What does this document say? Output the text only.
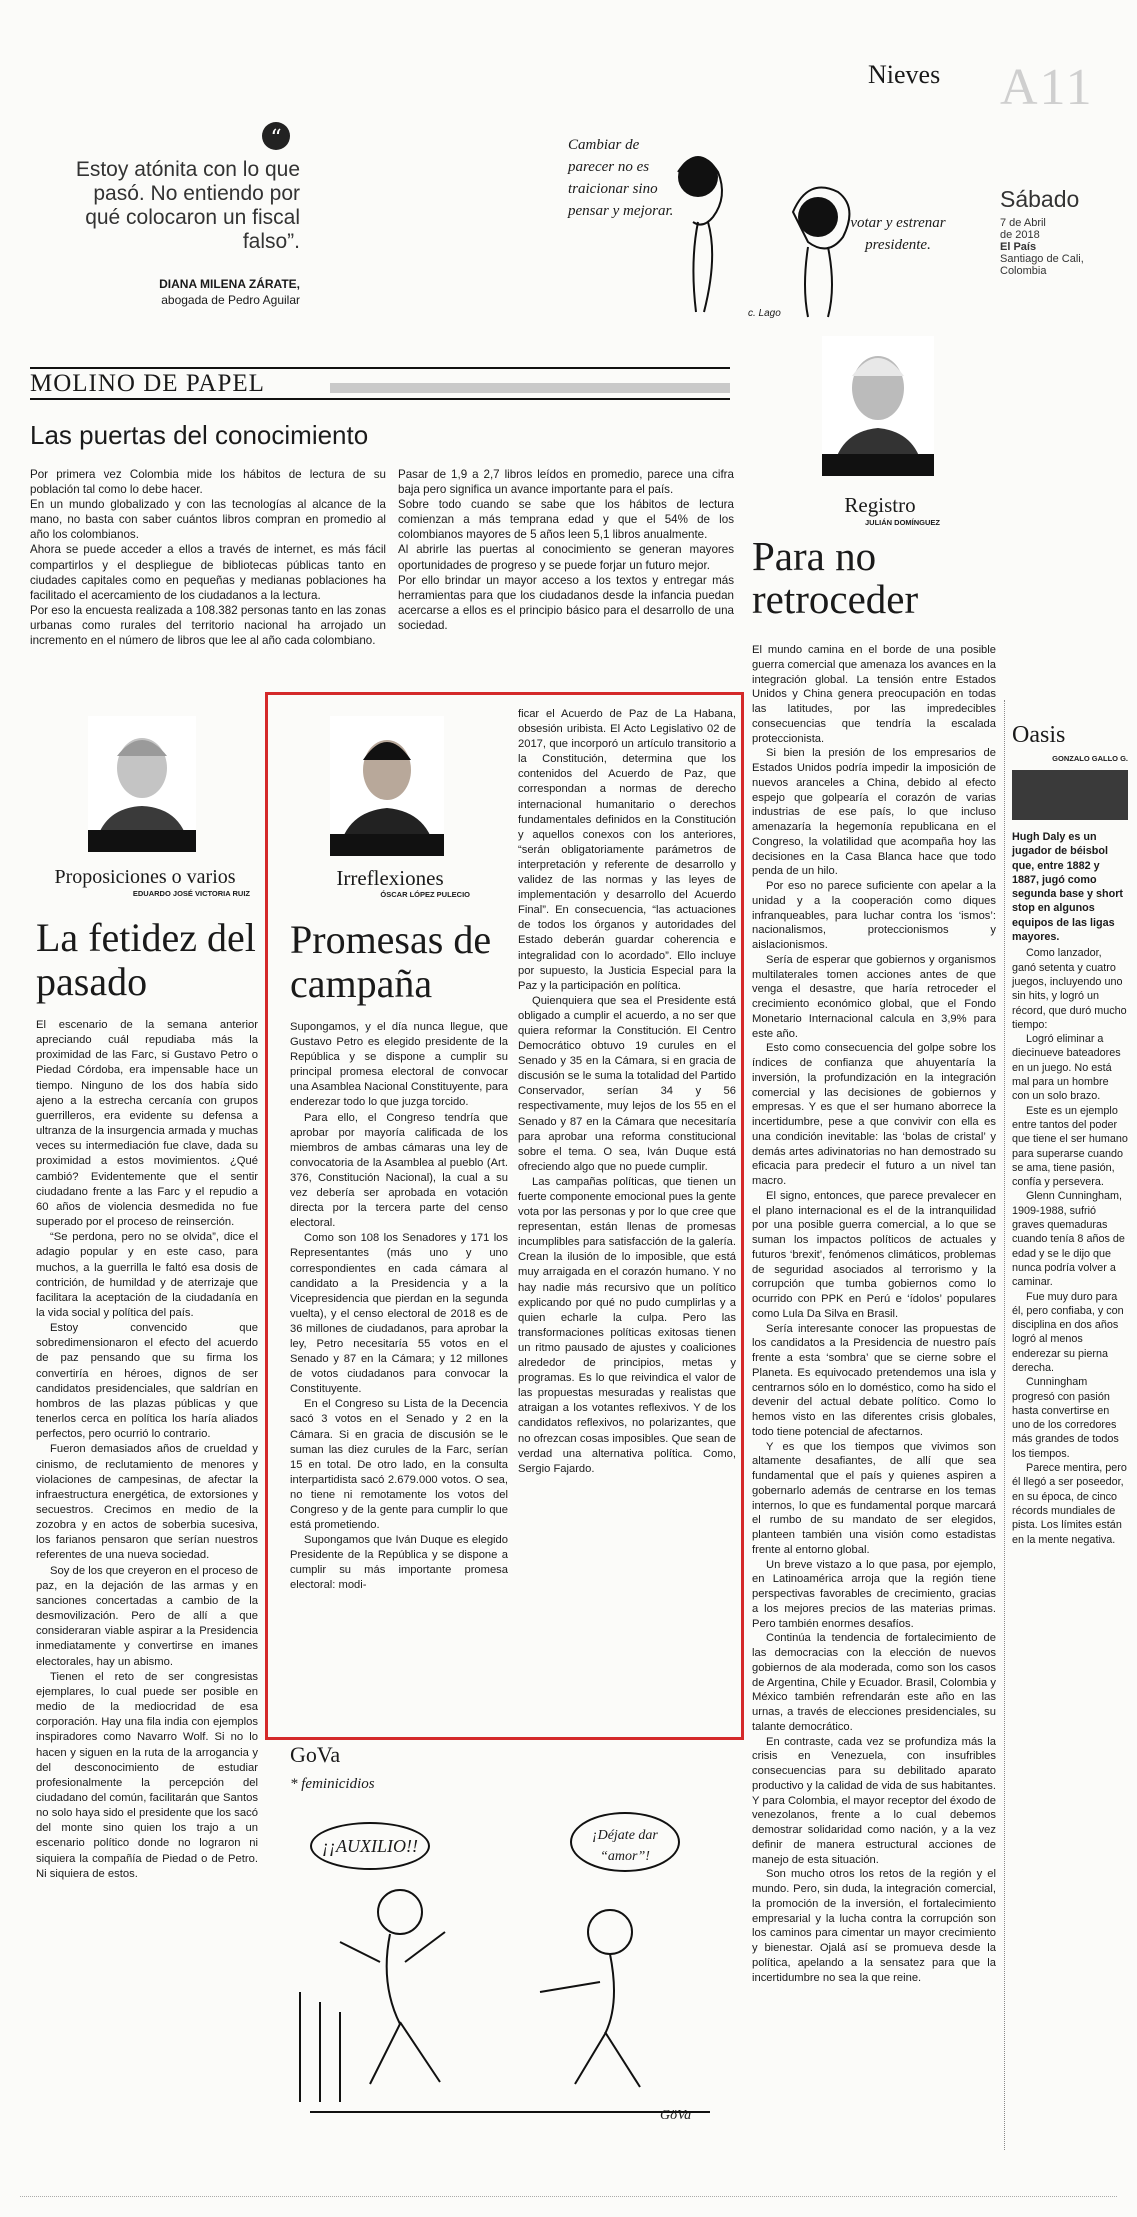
Nieves A11
Sábado
7 de Abril
de 2018
El País
Santiago de Cali,
Colombia
“
Estoy atónita con lo que pasó. No entiendo por qué colocaron un fiscal falso”.
DIANA MILENA ZÁRATE,
abogada de Pedro Aguilar
Cambiar de parecer no es traicionar sino pensar y mejorar.
votar y estrenar presidente.
c. Lago
MOLINO DE PAPEL
Las puertas del conocimiento

Por primera vez Colombia mide los hábitos de lectura de su población tal como lo debe hacer.

En un mundo globalizado y con las tecnologías al alcance de la mano, no basta con saber cuántos libros compran en promedio al año los colombianos.

Ahora se puede acceder a ellos a través de internet, es más fácil compartirlos y el despliegue de bibliotecas públicas tanto en ciudades capitales como en pequeñas y medianas poblaciones ha facilitado el acercamiento de los ciudadanos a la lectura.

Por eso la encuesta realizada a 108.382 personas tanto en las zonas urbanas como rurales del territorio nacional ha arrojado un incremento en el número de libros que lee al año cada colombiano.

Pasar de 1,9 a 2,7 libros leídos en promedio, parece una cifra baja pero significa un avance importante para el país.

Sobre todo cuando se sabe que los hábitos de lectura comienzan a más temprana edad y que el 54% de los colombianos mayores de 5 años leen 5,1 libros anualmente.

Al abrirle las puertas al conocimiento se generan mayores oportunidades de progreso y se puede forjar un futuro mejor.

Por ello brindar un mayor acceso a los textos y entregar más herramientas para que los ciudadanos desde la infancia puedan acercarse a ellos es el principio básico para el desarrollo de una sociedad.

Registro
JULIÁN DOMÍNGUEZ
Para no retroceder

El mundo camina en el borde de una posible guerra comercial que amenaza los avances en la integración global. La tensión entre Estados Unidos y China genera preocupación en todas las latitudes, por las impredecibles consecuencias que tendría la escalada proteccionista.

Si bien la presión de los empresarios de Estados Unidos podría impedir la imposición de nuevos aranceles a China, debido al efecto espejo que golpearía el corazón de varias industrias de ese país, lo que incluso amenazaría la hegemonía republicana en el Congreso, la volatilidad que acompaña hoy las decisiones en la Casa Blanca hace que todo penda de un hilo.

Por eso no parece suficiente con apelar a la unidad y a la cooperación como diques infranqueables, para luchar contra los ‘ismos’: nacionalismos, proteccionismos y aislacionismos.

Sería de esperar que gobiernos y organismos multilaterales tomen acciones antes de que venga el desastre, que haría retroceder el crecimiento económico global, que el Fondo Monetario Internacional calcula en 3,9% para este año.

Esto como consecuencia del golpe sobre los índices de confianza que ahuyentaría la inversión, la profundización en la integración comercial y las decisiones de gobiernos y empresas. Y es que el ser humano aborrece la incertidumbre, pese a que convivir con ella es una condición inevitable: las ‘bolas de cristal’ y demás artes adivinatorias no han demostrado su eficacia para predecir el futuro a un nivel tan macro.

El signo, entonces, que parece prevalecer en el plano internacional es el de la intranquilidad por una posible guerra comercial, a lo que se suman los impactos políticos de actuales y futuros ‘brexit’, fenómenos climáticos, problemas de seguridad asociados al terrorismo y la corrupción que tumba gobiernos como lo ocurrido con PPK en Perú e ‘ídolos’ populares como Lula Da Silva en Brasil.

Sería interesante conocer las propuestas de los candidatos a la Presidencia de nuestro país frente a esta ‘sombra’ que se cierne sobre el Planeta. Es equivocado pretendemos una isla y centrarnos sólo en lo doméstico, como ha sido el devenir del actual debate político. Como lo hemos visto en las diferentes crisis globales, todo tiene potencial de afectarnos.

Y es que los tiempos que vivimos son altamente desafiantes, de allí que sea fundamental que el país y quienes aspiren a gobernarlo además de centrarse en los temas internos, lo que es fundamental porque marcará el rumbo de su mandato de ser elegidos, planteen también una visión como estadistas frente al entorno global.

Un breve vistazo a lo que pasa, por ejemplo, en Latinoamérica arroja que la región tiene perspectivas favorables de crecimiento, gracias a los mejores precios de las materias primas. Pero también enormes desafíos.

Continúa la tendencia de fortalecimiento de las democracias con la elección de nuevos gobiernos de ala moderada, como son los casos de Argentina, Chile y Ecuador. Brasil, Colombia y México también refrendarán este año en las urnas, a través de elecciones presidenciales, su talante democrático.

En contraste, cada vez se profundiza más la crisis en Venezuela, con insufribles consecuencias para su debilitado aparato productivo y la calidad de vida de sus habitantes. Y para Colombia, el mayor receptor del éxodo de venezolanos, frente a lo cual debemos demostrar solidaridad como nación, y a la vez definir de manera estructural acciones de manejo de esta situación.

Son mucho otros los retos de la región y el mundo. Pero, sin duda, la integración comercial, la promoción de la inversión, el fortalecimiento empresarial y la lucha contra la corrupción son los caminos para cimentar un mayor crecimiento y bienestar. Ojalá así se promueva desde la política, apelando a la sensatez para que la incertidumbre no sea la que reine.

Oasis
GONZALO GALLO G.

Hugh Daly es un jugador de béisbol que, entre 1882 y 1887, jugó como segunda base y short stop en algunos equipos de las ligas mayores.

Como lanzador, ganó setenta y cuatro juegos, incluyendo uno sin hits, y logró un récord, que duró mucho tiempo:

Logró eliminar a diecinueve bateadores en un juego. No está mal para un hombre con un solo brazo.

Este es un ejemplo entre tantos del poder que tiene el ser humano para superarse cuando se ama, tiene pasión, confía y persevera.

Glenn Cunningham, 1909-1988, sufrió graves quemaduras cuando tenía 8 años de edad y se le dijo que nunca podría volver a caminar.

Fue muy duro para él, pero confiaba, y con disciplina en dos años logró al menos enderezar su pierna derecha.

Cunningham progresó con pasión hasta convertirse en uno de los corredores más grandes de todos los tiempos.

Parece mentira, pero él llegó a ser poseedor, en su época, de cinco récords mundiales de pista. Los límites están en la mente negativa.

Proposiciones o varios
EDUARDO JOSÉ VICTORIA RUIZ
La fetidez del pasado

El escenario de la semana anterior apreciando cuál repudiaba más la proximidad de las Farc, si Gustavo Petro o Piedad Córdoba, era impensable hace un tiempo. Ninguno de los dos había sido ajeno a la estrecha cercanía con grupos guerrilleros, era evidente su defensa a ultranza de la insurgencia armada y muchas veces su intermediación fue clave, dada su proximidad a estos movimientos. ¿Qué cambió? Evidentemente que el sentir ciudadano frente a las Farc y el repudio a 60 años de violencia desmedida no fue superado por el proceso de reinserción.

“Se perdona, pero no se olvida”, dice el adagio popular y en este caso, para muchos, a la guerrilla le faltó esa dosis de contrición, de humildad y de aterrizaje que facilitara la aceptación de la ciudadanía en la vida social y política del país.

Estoy convencido que sobredimensionaron el efecto del acuerdo de paz pensando que su firma los convertiría en héroes, dignos de ser candidatos presidenciales, que saldrían en hombros de las plazas públicas y que tenerlos cerca en política los haría aliados perfectos, pero ocurrió lo contrario.

Fueron demasiados años de crueldad y cinismo, de reclutamiento de menores y violaciones de campesinas, de afectar la infraestructura energética, de extorsiones y secuestros. Crecimos en medio de la zozobra y en actos de soberbia sucesiva, los farianos pensaron que serían nuestros referentes de una nueva sociedad.

Soy de los que creyeron en el proceso de paz, en la dejación de las armas y en sanciones concertadas a cambio de la desmovilización. Pero de allí a que consideraran viable aspirar a la Presidencia inmediatamente y convertirse en imanes electorales, hay un abismo.

Tienen el reto de ser congresistas ejemplares, lo cual puede ser posible en medio de la mediocridad de esa corporación. Hay una fila india con ejemplos inspiradores como Navarro Wolf. Si no lo hacen y siguen en la ruta de la arrogancia y del desconocimiento de estudiar profesionalmente la percepción del ciudadano del común, facilitarán que Santos no solo haya sido el presidente que los sacó del monte sino quien los trajo a un escenario político donde no lograron ni siquiera la compañía de Piedad o de Petro. Ni siquiera de estos.

Irreflexiones
ÓSCAR LÓPEZ PULECIO
Promesas de campaña

Supongamos, y el día nunca llegue, que Gustavo Petro es elegido presidente de la República y se dispone a cumplir su principal promesa electoral de convocar una Asamblea Nacional Constituyente, para enderezar todo lo que juzga torcido.

Para ello, el Congreso tendría que aprobar por mayoría calificada de los miembros de ambas cámaras una ley de convocatoria de la Asamblea al pueblo (Art. 376, Constitución Nacional), la cual a su vez debería ser aprobada en votación directa por la tercera parte del censo electoral.

Como son 108 los Senadores y 171 los Representantes (más uno y uno correspondientes en cada cámara al candidato a la Presidencia y a la Vicepresidencia que pierdan en la segunda vuelta), y el censo electoral de 2018 es de 36 millones de ciudadanos, para aprobar la ley, Petro necesitaría 55 votos en el Senado y 87 en la Cámara; y 12 millones de votos ciudadanos para convocar la Constituyente.

En el Congreso su Lista de la Decencia sacó 3 votos en el Senado y 2 en la Cámara. Si en gracia de discusión se le suman las diez curules de la Farc, serían 15 en total. De otro lado, en la consulta interpartidista sacó 2.679.000 votos. O sea, no tiene ni remotamente los votos del Congreso y de la gente para cumplir lo que está prometiendo.

Supongamos que Iván Duque es elegido Presidente de la República y se dispone a cumplir su más importante promesa electoral: modi-

ficar el Acuerdo de Paz de La Habana, obsesión uribista. El Acto Legislativo 02 de 2017, que incorporó un artículo transitorio a la Constitución, determina que los contenidos del Acuerdo de Paz, que correspondan a normas de derecho internacional humanitario o derechos fundamentales definidos en la Constitución y aquellos conexos con los anteriores, “serán obligatoriamente parámetros de interpretación y referente de desarrollo y validez de las normas y las leyes de implementación y desarrollo del Acuerdo Final”. En consecuencia, “las actuaciones de todos los órganos y autoridades del Estado deberán guardar coherencia e integralidad con lo acordado”. Ello incluye por supuesto, la Justicia Especial para la Paz y la participación en política.

Quienquiera que sea el Presidente está obligado a cumplir el acuerdo, a no ser que quiera reformar la Constitución. El Centro Democrático obtuvo 19 curules en el Senado y 35 en la Cámara, si en gracia de discusión se le suma la totalidad del Partido Conservador, serían 34 y 56 respectivamente, muy lejos de los 55 en el Senado y 87 en la Cámara que necesitaría para aprobar una reforma constitucional sobre el tema. O sea, Iván Duque está ofreciendo algo que no puede cumplir.

Las campañas políticas, que tienen un fuerte componente emocional pues la gente vota por las personas y por lo que cree que representan, están llenas de promesas incumplibles para satisfacción de la galería. Crean la ilusión de lo imposible, que está muy arraigada en el corazón humano. Y no hay nadie más recursivo que un político explicando por qué no pudo cumplirlas y a quien echarle la culpa. Pero las transformaciones políticas exitosas tienen un ritmo pausado de ajustes y coaliciones alrededor de principios, metas y programas. Es lo que reivindica el valor de las propuestas mesuradas y realistas que atraigan a los votantes reflexivos. Y de los candidatos reflexivos, no polarizantes, que no ofrezcan cosas imposibles. Que sean de verdad una alternativa política. Como, Sergio Fajardo.

GoVa
* feminicidios
¡¡AUXILIO!!
¡Déjate dar “amor”!
GöVa
